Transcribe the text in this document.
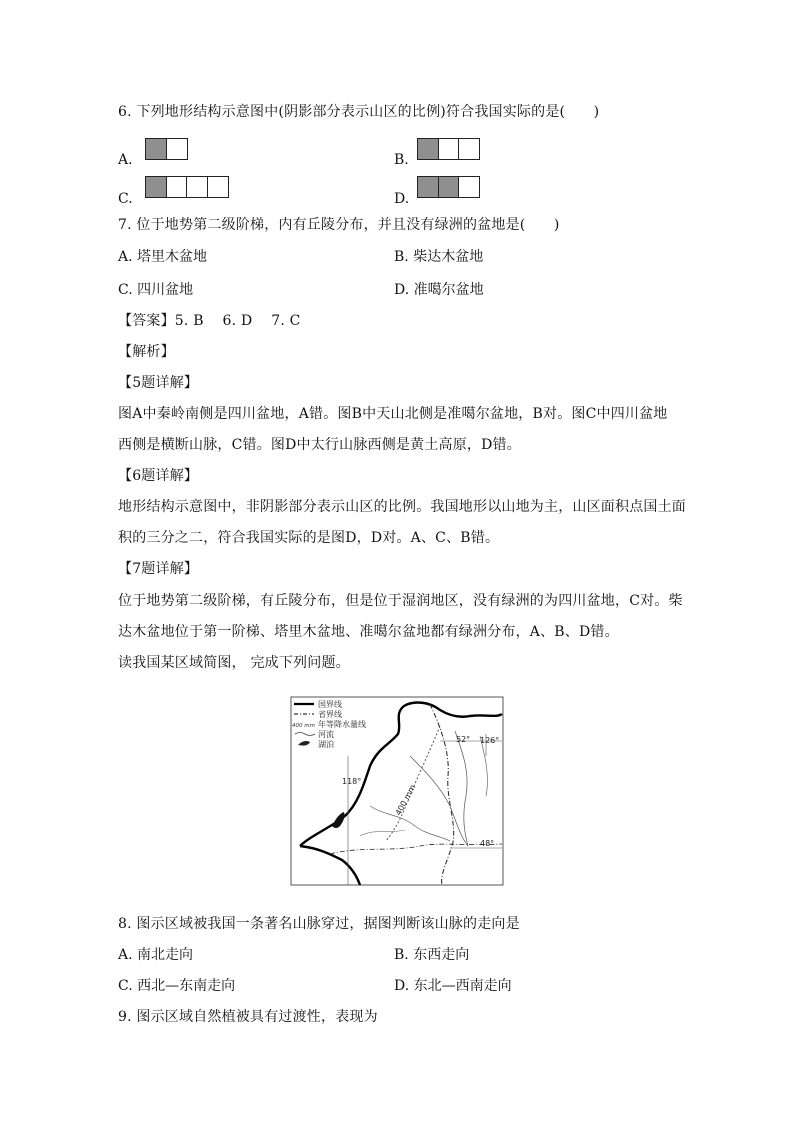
6. 下列地形结构示意图中(阴影部分表示山区的比例)符合我国实际的是(　　)
A.	B.
C.	D.
7. 位于地势第二级阶梯，内有丘陵分布，并且没有绿洲的盆地是(　　)
A. 塔里木盆地	B. 柴达木盆地
C. 四川盆地	D. 准噶尔盆地
【答案】5. B　 6. D　 7. C
【解析】
【5题详解】
图A中秦岭南侧是四川盆地，A错。图B中天山北侧是准噶尔盆地，B对。图C中四川盆地
西侧是横断山脉，C错。图D中太行山脉西侧是黄土高原，D错。
【6题详解】
地形结构示意图中，非阴影部分表示山区的比例。我国地形以山地为主，山区面积点国土面
积的三分之二，符合我国实际的是图D，D对。A、C、B错。
【7题详解】
位于地势第二级阶梯，有丘陵分布，但是位于湿润地区，没有绿洲的为四川盆地，C对。柴
达木盆地位于第一阶梯、塔里木盆地、准噶尔盆地都有绿洲分布，A、B、D错。
读我国某区域简图， 完成下列问题。
国界线
省界线
400 mm 年等降水量线
河流
湖泊
400 mm
52° 126°
118°
48°
8. 图示区域被我国一条著名山脉穿过，据图判断该山脉的走向是
A. 南北走向	B. 东西走向
C. 西北—东南走向	D. 东北—西南走向
9. 图示区域自然植被具有过渡性，表现为
